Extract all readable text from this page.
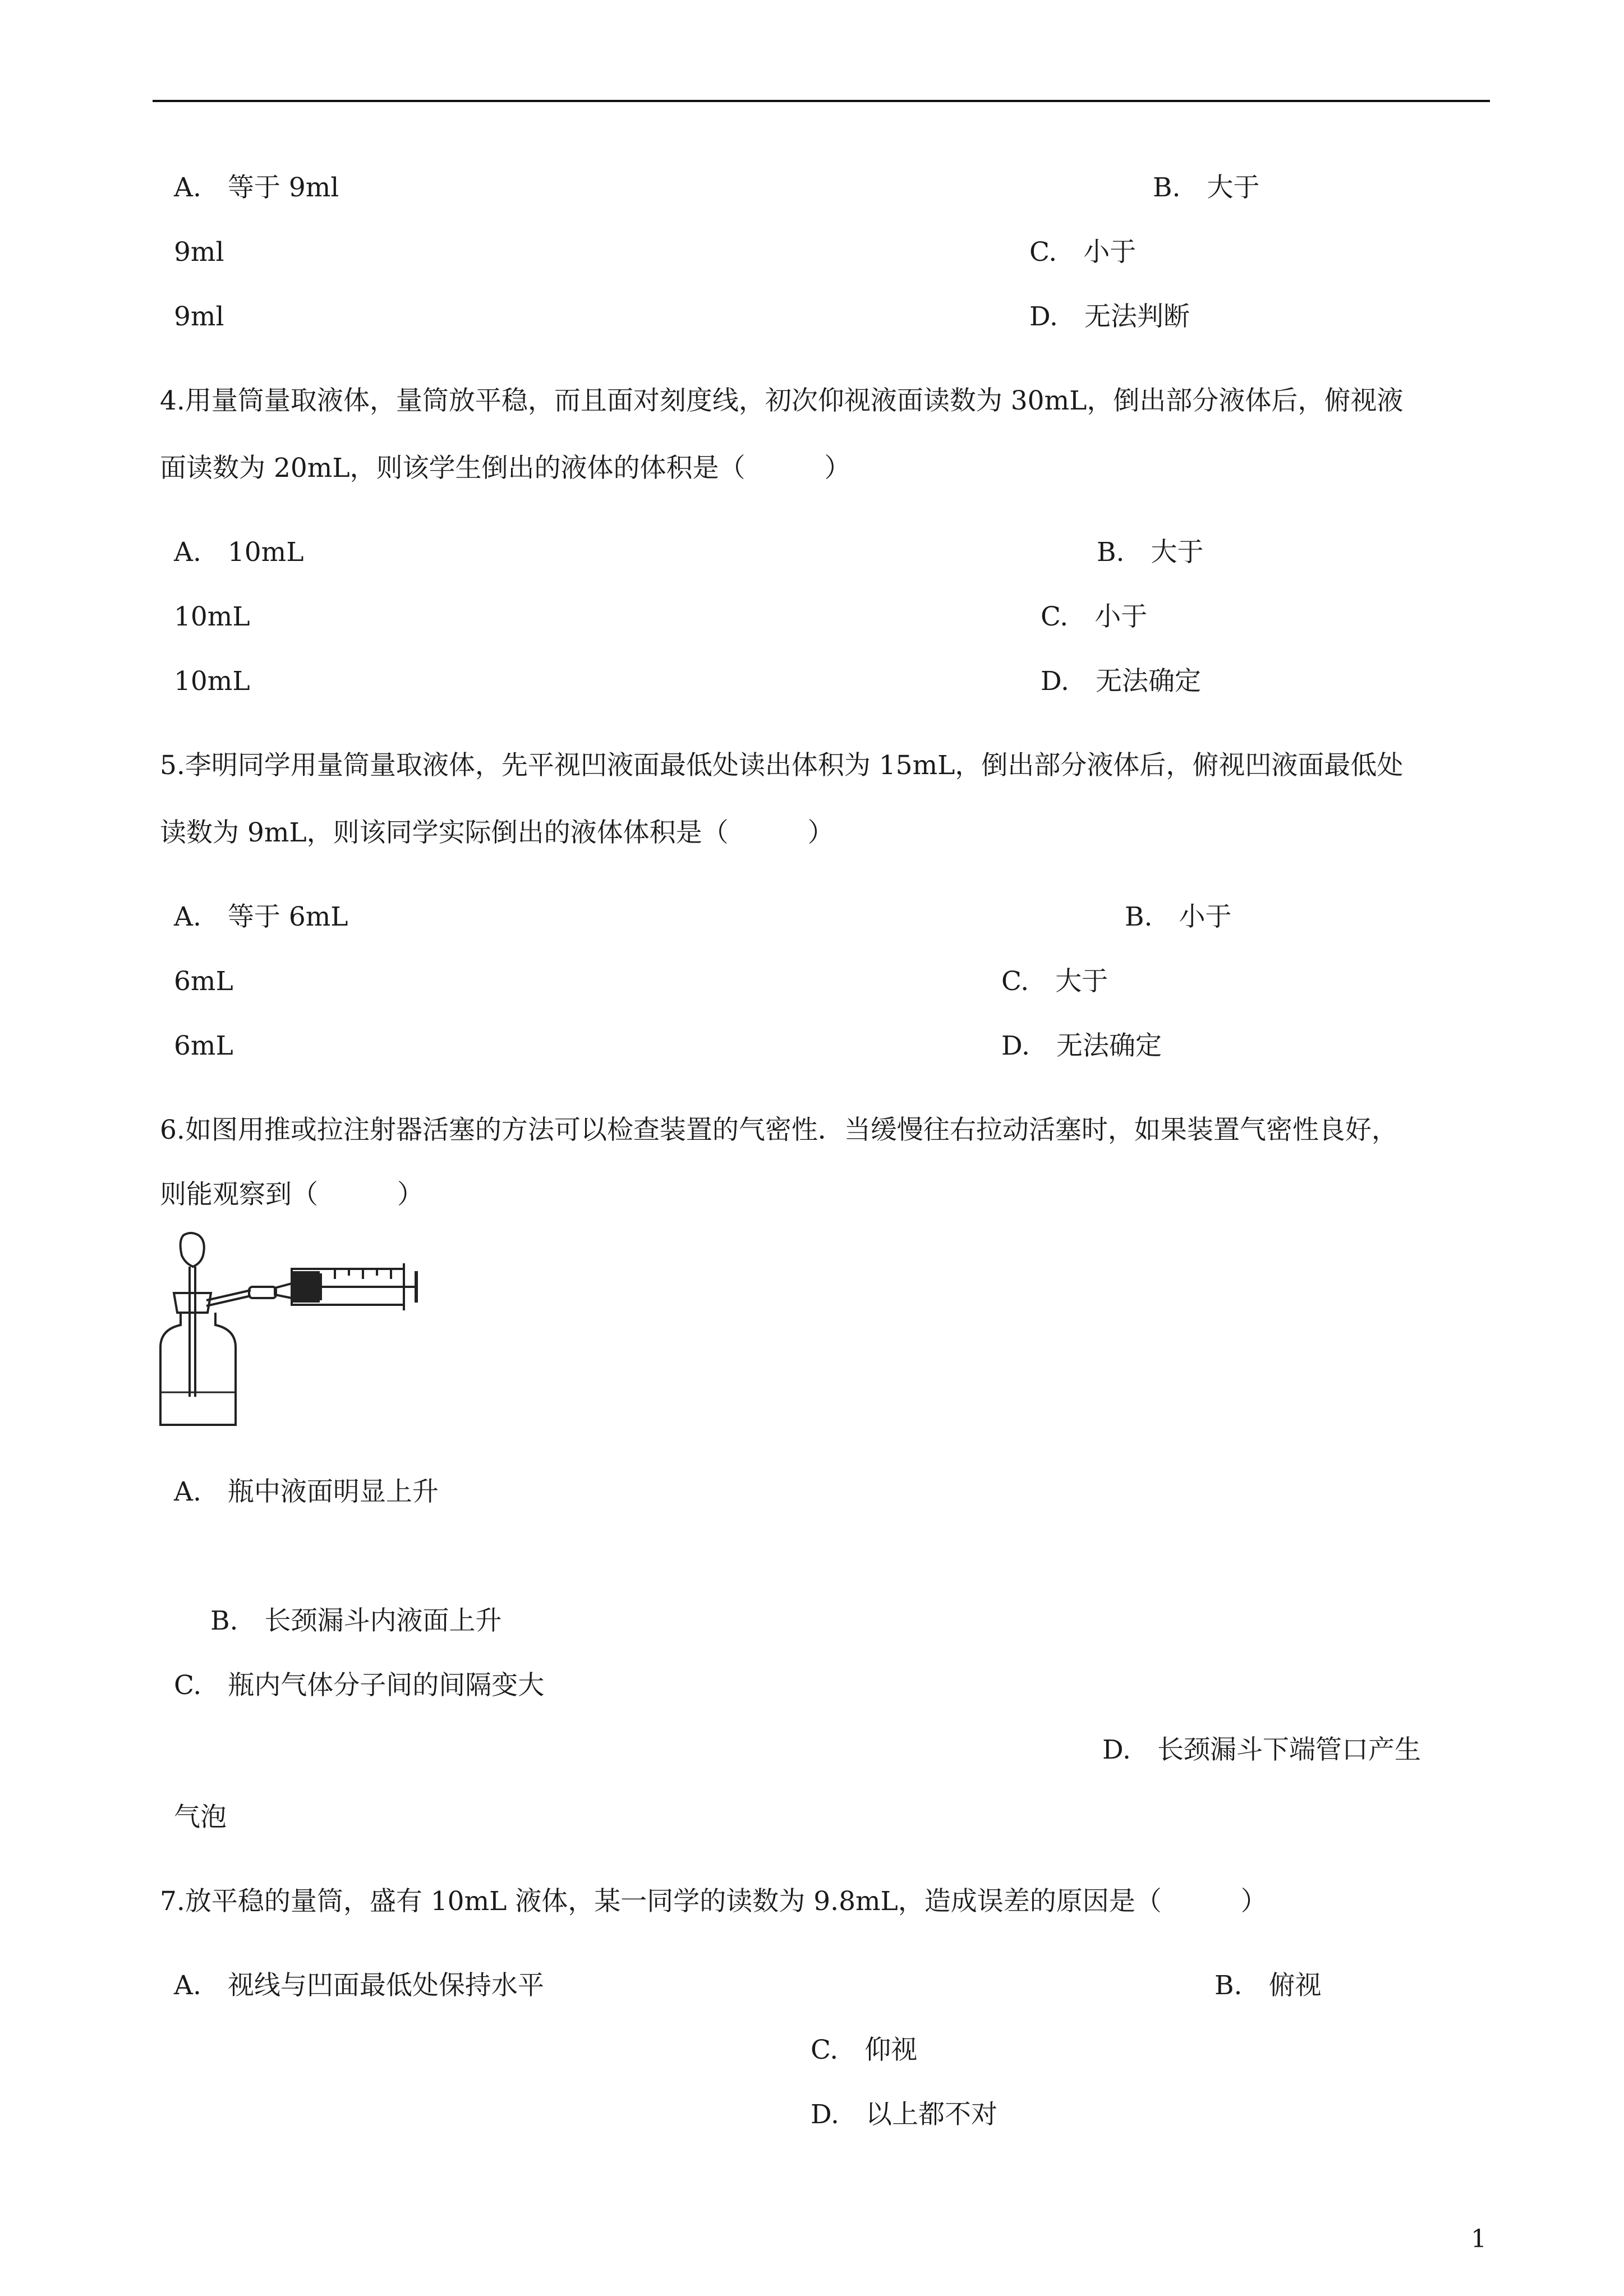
A.　等于 9ml	B.　大于
9ml	C.　小于
9ml	D.　无法判断
4.用量筒量取液体，量筒放平稳，而且面对刻度线，初次仰视液面读数为 30mL，倒出部分液体后，俯视液
面读数为 20mL，则该学生倒出的液体的体积是（　　　）
A.　10mL	B.　大于
10mL	C.　小于
10mL	D.　无法确定
5.李明同学用量筒量取液体，先平视凹液面最低处读出体积为 15mL，倒出部分液体后，俯视凹液面最低处
读数为 9mL，则该同学实际倒出的液体体积是（　　　）
A.　等于 6mL	B.　小于
6mL	C.　大于
6mL	D.　无法确定
6.如图用推或拉注射器活塞的方法可以检查装置的气密性．当缓慢往右拉动活塞时，如果装置气密性良好，
则能观察到（　　　）
A.　瓶中液面明显上升
B.　长颈漏斗内液面上升
C.　瓶内气体分子间的间隔变大
D.　长颈漏斗下端管口产生
气泡
7.放平稳的量筒，盛有 10mL 液体，某一同学的读数为 9.8mL，造成误差的原因是（　　　）
A.　视线与凹面最低处保持水平	B.　俯视
C.　仰视
D.　以上都不对
1
